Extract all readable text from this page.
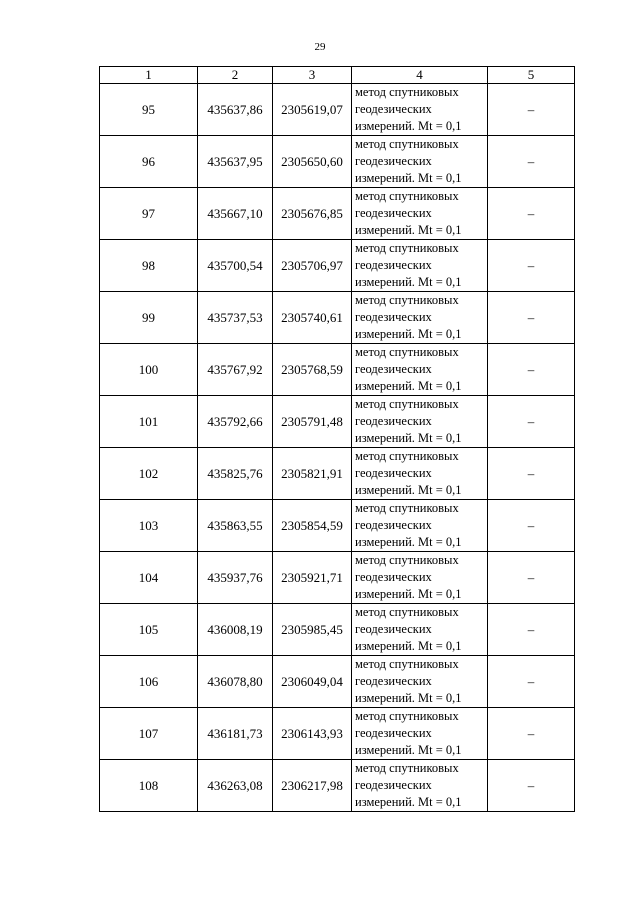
29
1	2	3	4	5
95	435637,86	2305619,07	метод спутниковых
геодезических
измерений. Mt = 0,1	–
96	435637,95	2305650,60	метод спутниковых
геодезических
измерений. Mt = 0,1	–
97	435667,10	2305676,85	метод спутниковых
геодезических
измерений. Mt = 0,1	–
98	435700,54	2305706,97	метод спутниковых
геодезических
измерений. Mt = 0,1	–
99	435737,53	2305740,61	метод спутниковых
геодезических
измерений. Mt = 0,1	–
100	435767,92	2305768,59	метод спутниковых
геодезических
измерений. Mt = 0,1	–
101	435792,66	2305791,48	метод спутниковых
геодезических
измерений. Mt = 0,1	–
102	435825,76	2305821,91	метод спутниковых
геодезических
измерений. Mt = 0,1	–
103	435863,55	2305854,59	метод спутниковых
геодезических
измерений. Mt = 0,1	–
104	435937,76	2305921,71	метод спутниковых
геодезических
измерений. Mt = 0,1	–
105	436008,19	2305985,45	метод спутниковых
геодезических
измерений. Mt = 0,1	–
106	436078,80	2306049,04	метод спутниковых
геодезических
измерений. Mt = 0,1	–
107	436181,73	2306143,93	метод спутниковых
геодезических
измерений. Mt = 0,1	–
108	436263,08	2306217,98	метод спутниковых
геодезических
измерений. Mt = 0,1	–
